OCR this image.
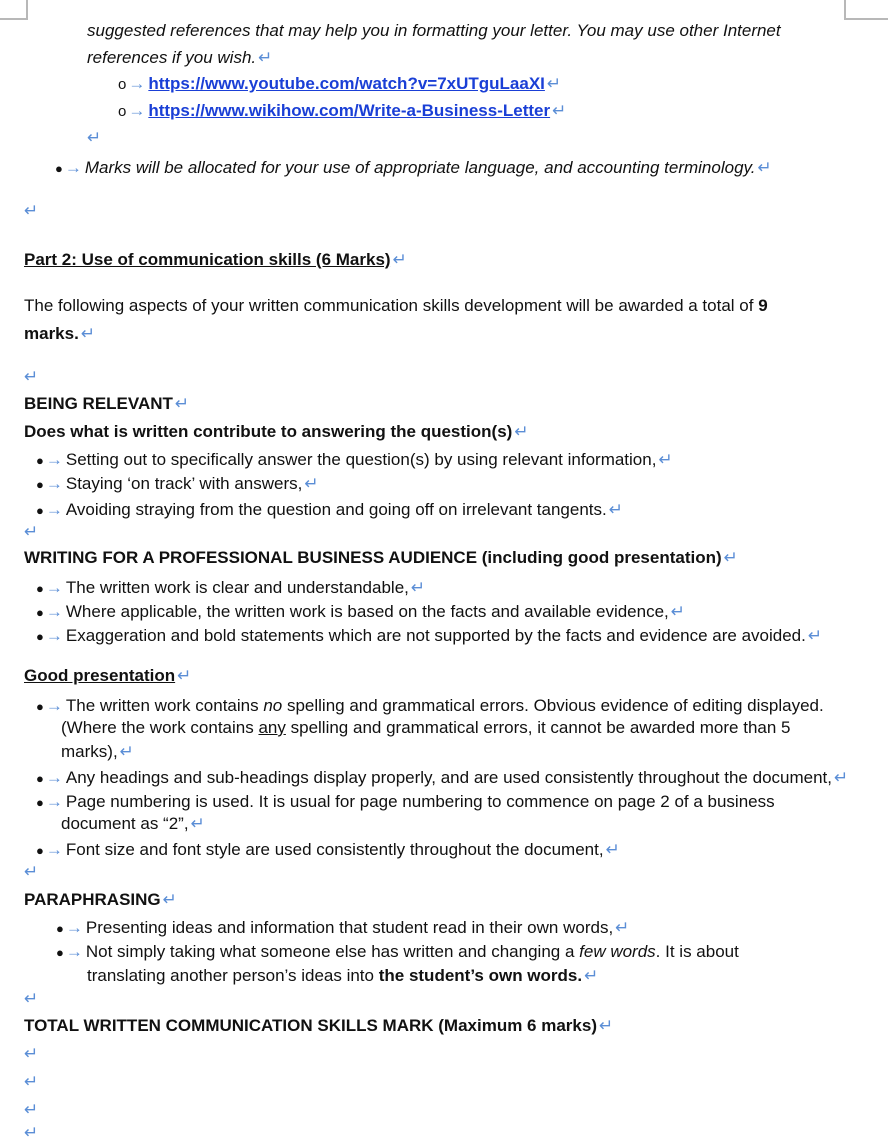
suggested references that may help you in formatting your letter. You may use other Internet
references if you wish. ↵
o → https://www.youtube.com/watch?v=7xUTguLaaXI ↵
o → https://www.wikihow.com/Write-a-Business-Letter ↵
↵
● → Marks will be allocated for your use of appropriate language, and accounting terminology. ↵
↵
Part 2: Use of communication skills (6 Marks) ↵
The following aspects of your written communication skills development will be awarded a total of 9
marks. ↵
↵
BEING RELEVANT ↵
Does what is written contribute to answering the question(s) ↵
● → Setting out to specifically answer the question(s) by using relevant information, ↵
● → Staying ‘on track’ with answers, ↵
● → Avoiding straying from the question and going off on irrelevant tangents. ↵
↵
WRITING FOR A PROFESSIONAL BUSINESS AUDIENCE (including good presentation) ↵
● → The written work is clear and understandable, ↵
● → Where applicable, the written work is based on the facts and available evidence, ↵
● → Exaggeration and bold statements which are not supported by the facts and evidence are avoided. ↵
Good presentation ↵
● → The written work contains no spelling and grammatical errors. Obvious evidence of editing displayed.
(Where the work contains any spelling and grammatical errors, it cannot be awarded more than 5
marks), ↵
● → Any headings and sub-headings display properly, and are used consistently throughout the document, ↵
● → Page numbering is used. It is usual for page numbering to commence on page 2 of a business
document as “2”, ↵
● → Font size and font style are used consistently throughout the document, ↵
↵
PARAPHRASING ↵
● → Presenting ideas and information that student read in their own words, ↵
● → Not simply taking what someone else has written and changing a few words. It is about
translating another person’s ideas into the student’s own words. ↵
↵
TOTAL WRITTEN COMMUNICATION SKILLS MARK (Maximum 6 marks) ↵
↵
↵
↵
↵
